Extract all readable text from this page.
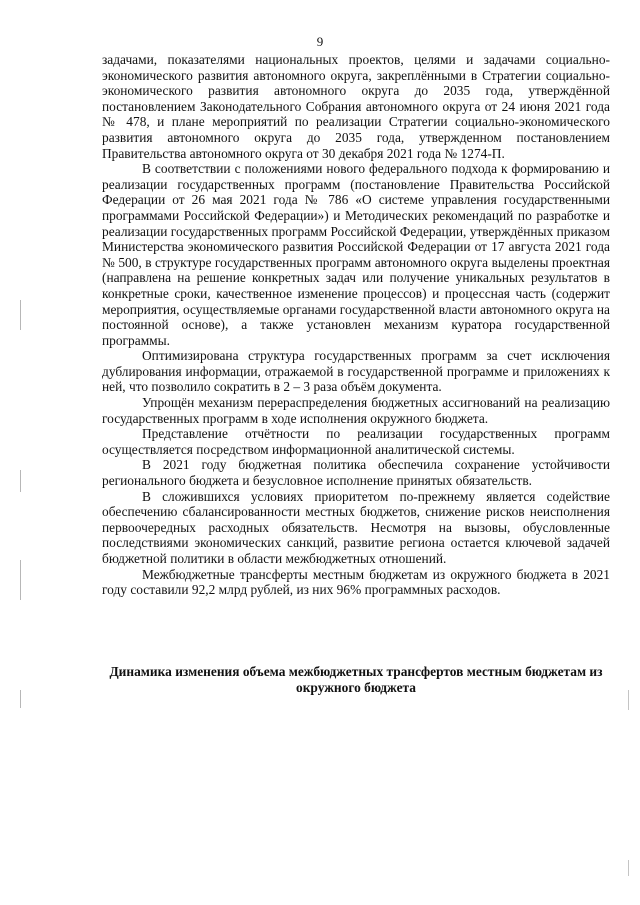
9

задачами, показателями национальных проектов, целями и задачами социально-экономического развития автономного округа, закреплёнными в Стратегии социально-экономического развития автономного округа до 2035 года, утверждённой постановлением Законодательного Собрания автономного округа от 24 июня 2021 года № 478, и плане мероприятий по реализации Стратегии социально-экономического развития автономного округа до 2035 года, утвержденном постановлением Правительства автономного округа от 30 декабря 2021 года № 1274-П.

В соответствии с положениями нового федерального подхода к формированию и реализации государственных программ (постановление Правительства Российской Федерации от 26 мая 2021 года № 786 «О системе управления государственными программами Российской Федерации») и Методических рекомендаций по разработке и реализации государственных программ Российской Федерации, утверждённых приказом Министерства экономического развития Российской Федерации от 17 августа 2021 года № 500, в структуре государственных программ автономного округа выделены проектная (направлена на решение конкретных задач или получение уникальных результатов в конкретные сроки, качественное изменение процессов) и процессная часть (содержит мероприятия, осуществляемые органами государственной власти автономного округа на постоянной основе), а также установлен механизм куратора государственной программы.

Оптимизирована структура государственных программ за счет исключения дублирования информации, отражаемой в государственной программе и приложениях к ней, что позволило сократить в 2 – 3 раза объём документа.

Упрощён механизм перераспределения бюджетных ассигнований на реализацию государственных программ в ходе исполнения окружного бюджета.

Представление отчётности по реализации государственных программ осуществляется посредством информационной аналитической системы.

В 2021 году бюджетная политика обеспечила сохранение устойчивости регионального бюджета и безусловное исполнение принятых обязательств.

В сложившихся условиях приоритетом по-прежнему является содействие обеспечению сбалансированности местных бюджетов, снижение рисков неисполнения первоочередных расходных обязательств. Несмотря на вызовы, обусловленные последствиями экономических санкций, развитие региона остается ключевой задачей бюджетной политики в области межбюджетных отношений.

Межбюджетные трансферты местным бюджетам из окружного бюджета в 2021 году составили 92,2 млрд рублей, из них 96% программных расходов.

Динамика изменения объема межбюджетных трансфертов местным бюджетам из окружного бюджета
